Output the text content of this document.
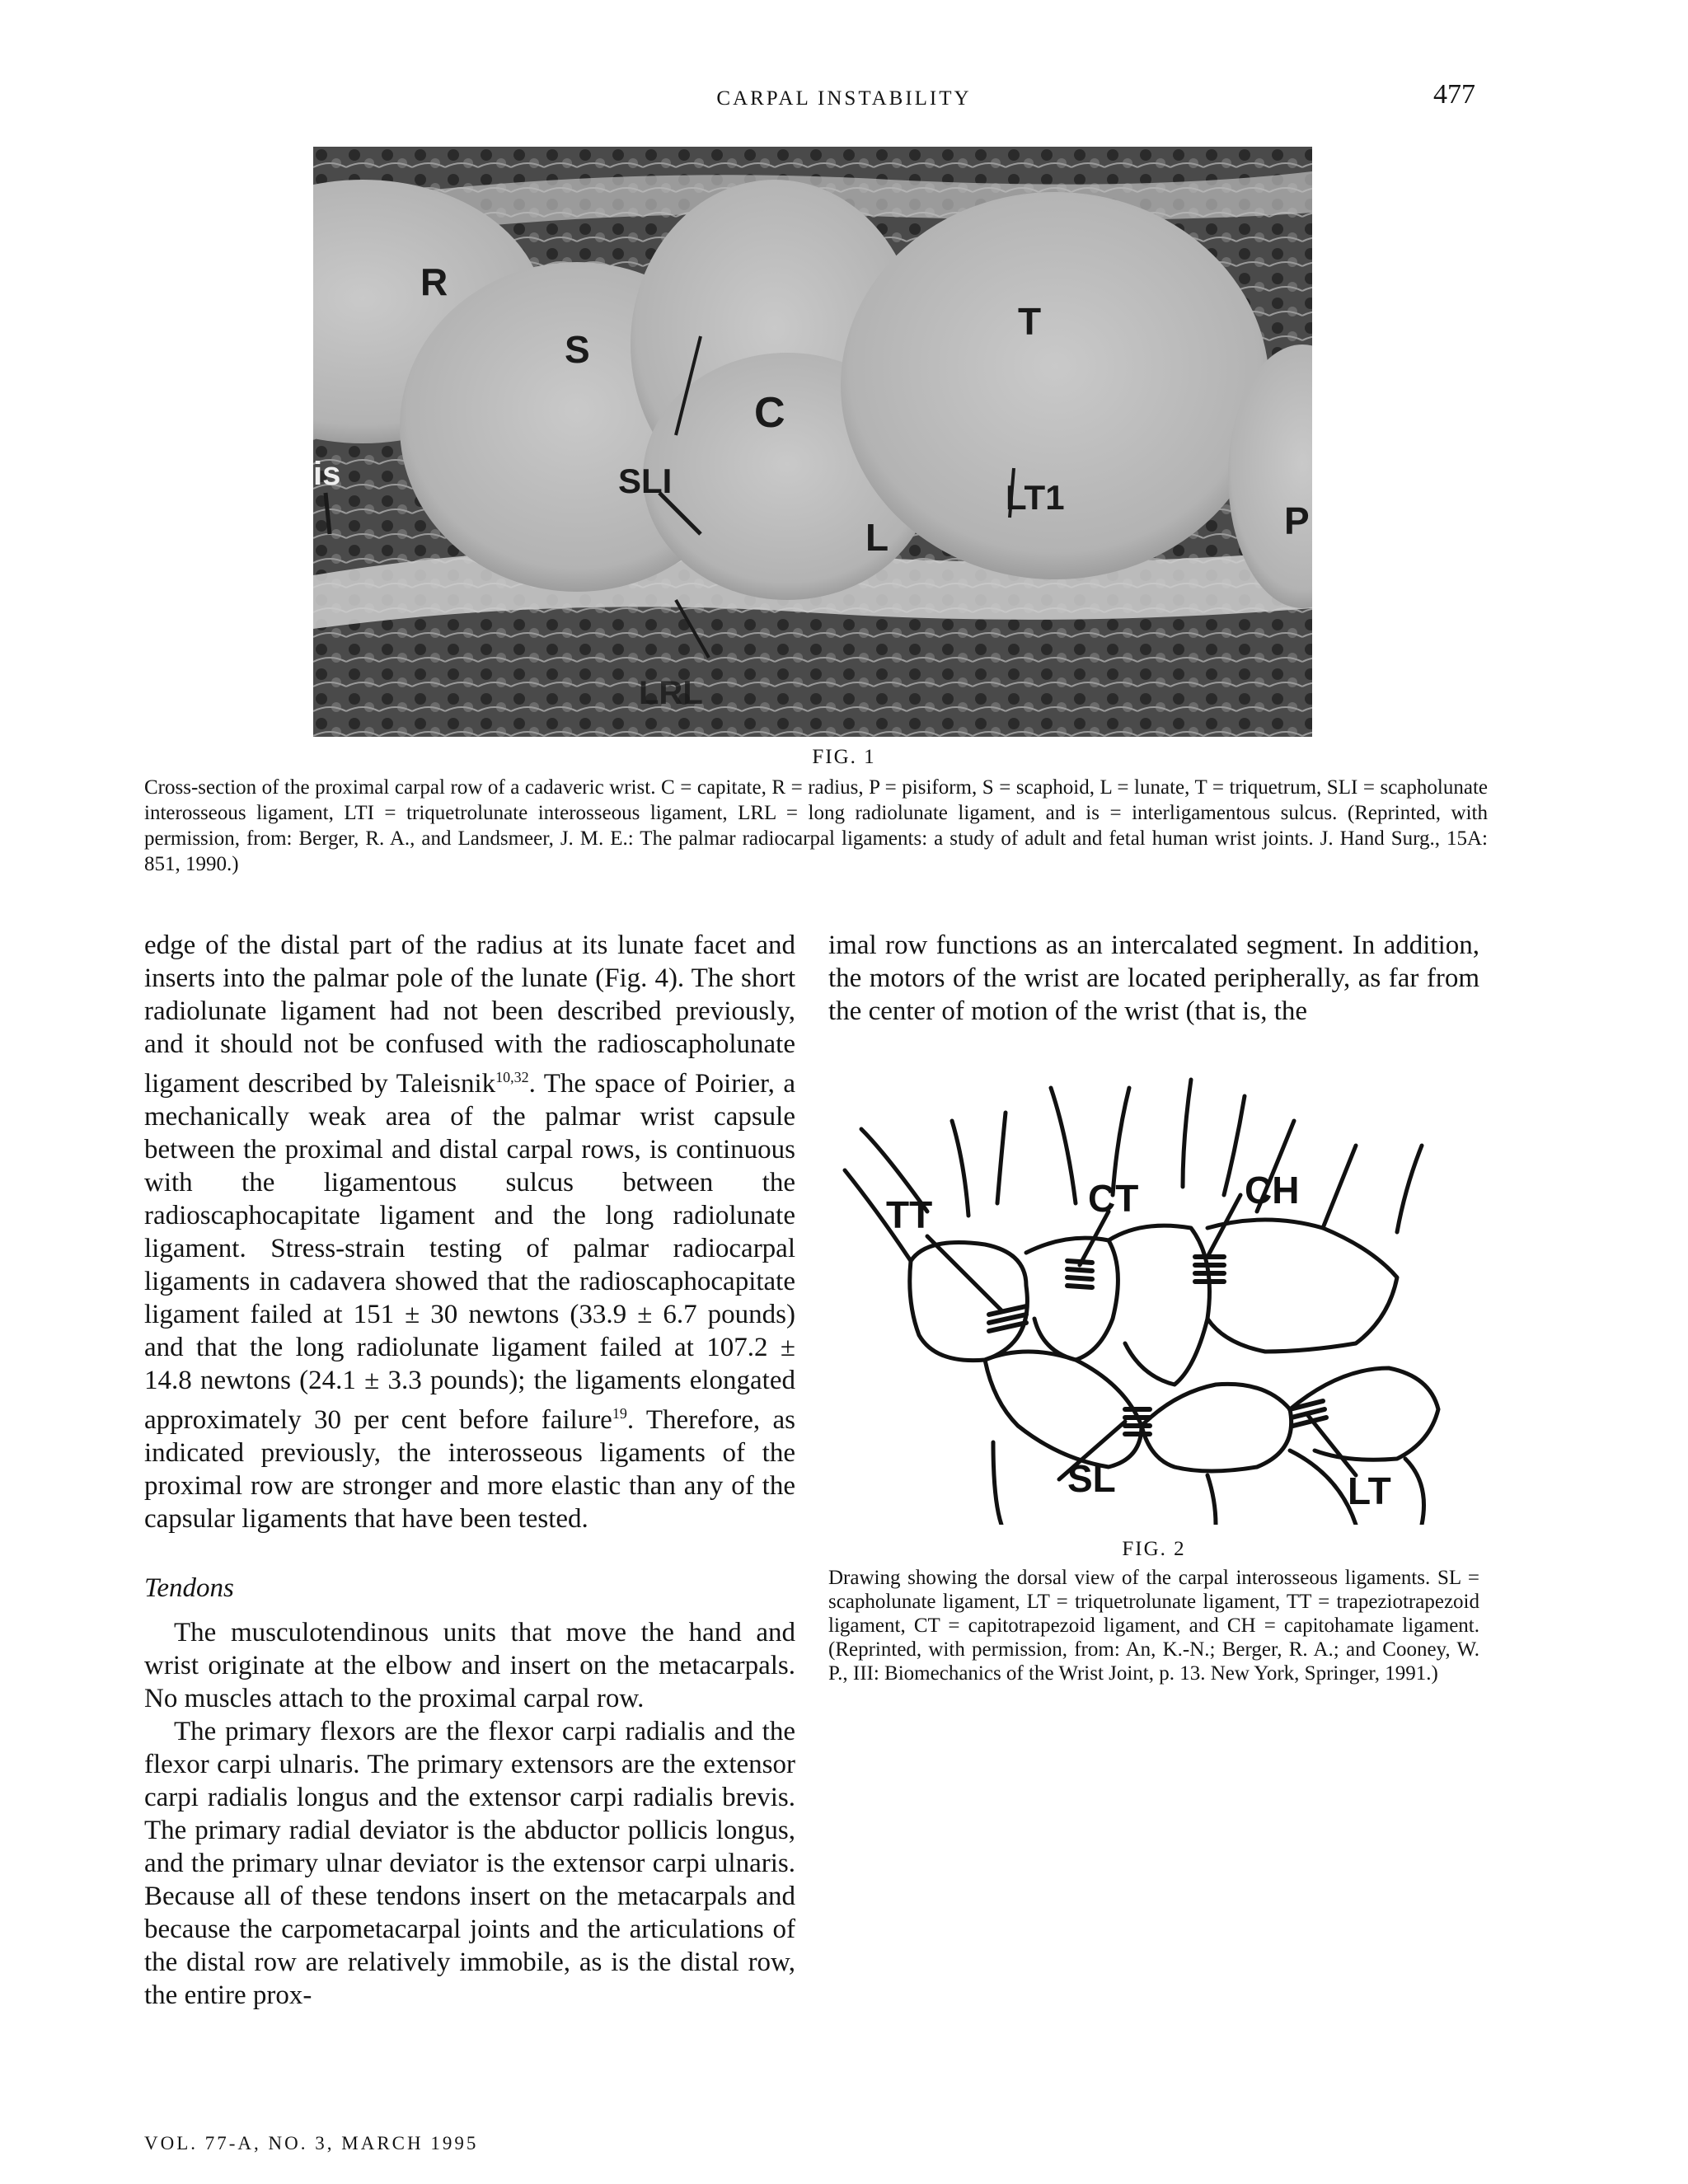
CARPAL INSTABILITY	477
R
S
T
C
SLI	LT1
L
is
P
LRL
FIG. 1
Cross-section of the proximal carpal row of a cadaveric wrist. C = capitate, R = radius, P = pisiform, S = scaphoid, L = lunate, T = triquetrum, SLI = scapholunate interosseous ligament, LTI = triquetrolunate interosseous ligament, LRL = long radiolunate ligament, and is = interligamentous sulcus. (Reprinted, with permission, from: Berger, R. A., and Landsmeer, J. M. E.: The palmar radiocarpal ligaments: a study of adult and fetal human wrist joints. J. Hand Surg., 15A: 851, 1990.)

edge of the distal part of the radius at its lunate facet and inserts into the palmar pole of the lunate (Fig. 4). The short radiolunate ligament had not been described previously, and it should not be confused with the radioscapholunate ligament described by Taleisnik$^{10,32}$. The space of Poirier, a mechanically weak area of the palmar wrist capsule between the proximal and distal carpal rows, is continuous with the ligamentous sulcus between the radioscaphocapitate ligament and the long radiolunate ligament. Stress-strain testing of palmar radiocarpal ligaments in cadavera showed that the radioscaphocapitate ligament failed at 151 ± 30 newtons (33.9 ± 6.7 pounds) and that the long radiolunate ligament failed at 107.2 ± 14.8 newtons (24.1 ± 3.3 pounds); the ligaments elongated approximately 30 per cent before failure$^{19}$. Therefore, as indicated previously, the interosseous ligaments of the proximal row are stronger and more elastic than any of the capsular ligaments that have been tested.

Tendons

The musculotendinous units that move the hand and wrist originate at the elbow and insert on the metacarpals. No muscles attach to the proximal carpal row.

The primary flexors are the flexor carpi radialis and the flexor carpi ulnaris. The primary extensors are the extensor carpi radialis longus and the extensor carpi radialis brevis. The primary radial deviator is the abductor pollicis longus, and the primary ulnar deviator is the extensor carpi ulnaris. Because all of these tendons insert on the metacarpals and because the carpometacarpal joints and the articulations of the distal row are relatively immobile, as is the distal row, the entire prox-

imal row functions as an intercalated segment. In addition, the motors of the wrist are located peripherally, as far from the center of motion of the wrist (that is, the

TT	CT	CH
SL	LT
FIG. 2
Drawing showing the dorsal view of the carpal interosseous ligaments. SL = scapholunate ligament, LT = triquetrolunate ligament, TT = trapeziotrapezoid ligament, CT = capitotrapezoid ligament, and CH = capitohamate ligament. (Reprinted, with permission, from: An, K.-N.; Berger, R. A.; and Cooney, W. P., III: Biomechanics of the Wrist Joint, p. 13. New York, Springer, 1991.)
VOL. 77-A, NO. 3, MARCH 1995
